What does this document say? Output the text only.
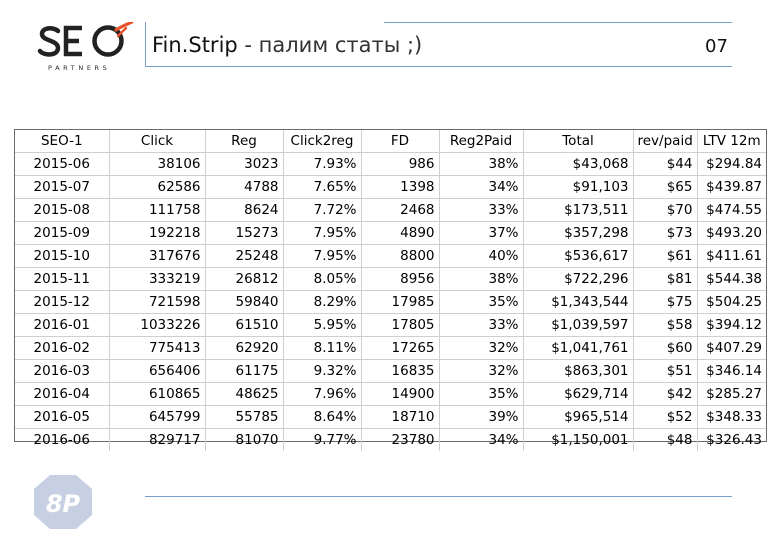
PARTNERS
Fin.Strip - палим статы ;)	07
SEO-1	Click	Reg	Click2reg	FD	Reg2Paid	Total	rev/paid	LTV 12m
2015-06	38106	3023	7.93%	986	38%	$43,068	$44	$294.84
2015-07	62586	4788	7.65%	1398	34%	$91,103	$65	$439.87
2015-08	111758	8624	7.72%	2468	33%	$173,511	$70	$474.55
2015-09	192218	15273	7.95%	4890	37%	$357,298	$73	$493.20
2015-10	317676	25248	7.95%	8800	40%	$536,617	$61	$411.61
2015-11	333219	26812	8.05%	8956	38%	$722,296	$81	$544.38
2015-12	721598	59840	8.29%	17985	35%	$1,343,544	$75	$504.25
2016-01	1033226	61510	5.95%	17805	33%	$1,039,597	$58	$394.12
2016-02	775413	62920	8.11%	17265	32%	$1,041,761	$60	$407.29
2016-03	656406	61175	9.32%	16835	32%	$863,301	$51	$346.14
2016-04	610865	48625	7.96%	14900	35%	$629,714	$42	$285.27
2016-05	645799	55785	8.64%	18710	39%	$965,514	$52	$348.33
2016-06	829717	81070	9.77%	23780	34%	$1,150,001	$48	$326.43
8P
